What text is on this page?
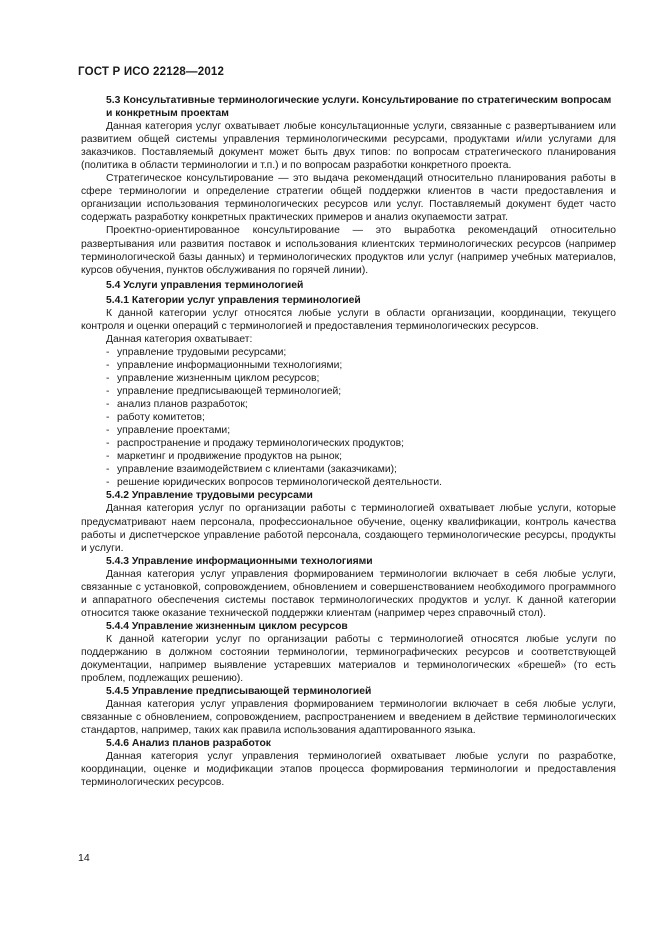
ГОСТ Р ИСО 22128—2012

5.3 Консультативные терминологические услуги. Консультирование по стратегическим вопросам и конкретным проектам

Данная категория услуг охватывает любые консультационные услуги, связанные с развертыванием или развитием общей системы управления терминологическими ресурсами, продуктами и/или услугами для заказчиков. Поставляемый документ может быть двух типов: по вопросам стратегического планирования (политика в области терминологии и т.п.) и по вопросам разработки конкретного проекта.

Стратегическое консультирование — это выдача рекомендаций относительно планирования работы в сфере терминологии и определение стратегии общей поддержки клиентов в части предоставления и организации использования терминологических ресурсов или услуг. Поставляемый документ будет часто содержать разработку конкретных практических примеров и анализ окупаемости затрат.

Проектно-ориентированное консультирование — это выработка рекомендаций относительно развертывания или развития поставок и использования клиентских терминологических ресурсов (например терминологической базы данных) и терминологических продуктов или услуг (например учебных материалов, курсов обучения, пунктов обслуживания по горячей линии).

5.4 Услуги управления терминологией

5.4.1 Категории услуг управления терминологией

К данной категории услуг относятся любые услуги в области организации, координации, текущего контроля и оценки операций с терминологией и предоставления терминологических ресурсов.

Данная категория охватывает:

- управление трудовыми ресурсами;
- управление информационными технологиями;
- управление жизненным циклом ресурсов;
- управление предписывающей терминологией;
- анализ планов разработок;
- работу комитетов;
- управление проектами;
- распространение и продажу терминологических продуктов;
- маркетинг и продвижение продуктов на рынок;
- управление взаимодействием с клиентами (заказчиками);
- решение юридических вопросов терминологической деятельности.

5.4.2 Управление трудовыми ресурсами

Данная категория услуг по организации работы с терминологией охватывает любые услуги, которые предусматривают наем персонала, профессиональное обучение, оценку квалификации, контроль качества работы и диспетчерское управление работой персонала, создающего терминологические ресурсы, продукты и услуги.

5.4.3 Управление информационными технологиями

Данная категория услуг управления формированием терминологии включает в себя любые услуги, связанные с установкой, сопровождением, обновлением и совершенствованием необходимого программного и аппаратного обеспечения системы поставок терминологических продуктов и услуг. К данной категории относится также оказание технической поддержки клиентам (например через справочный стол).

5.4.4 Управление жизненным циклом ресурсов

К данной категории услуг по организации работы с терминологией относятся любые услуги по поддержанию в должном состоянии терминологии, терминографических ресурсов и соответствующей документации, например выявление устаревших материалов и терминологических «брешей» (то есть проблем, подлежащих решению).

5.4.5 Управление предписывающей терминологией

Данная категория услуг управления формированием терминологии включает в себя любые услуги, связанные с обновлением, сопровождением, распространением и введением в действие терминологических стандартов, например, таких как правила использования адаптированного языка.

5.4.6 Анализ планов разработок

Данная категория услуг управления терминологией охватывает любые услуги по разработке, координации, оценке и модификации этапов процесса формирования терминологии и предоставления терминологических ресурсов.

14
